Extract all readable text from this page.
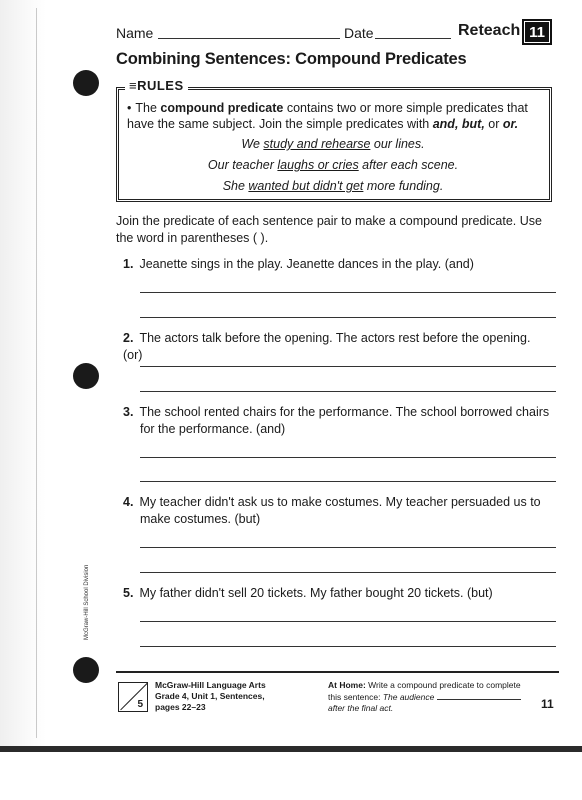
Name	Date	Reteach 11
Combining Sentences: Compound Predicates
≡ RULES
• The compound predicate contains two or more simple predicates that have the same subject. Join the simple predicates with and, but, or or.
We study and rehearse our lines.
Our teacher laughs or cries after each scene.
She wanted but didn't get more funding.
Join the predicate of each sentence pair to make a compound predicate. Use the word in parentheses ( ).
1. Jeanette sings in the play. Jeanette dances in the play. (and)
2. The actors talk before the opening. The actors rest before the opening. (or)
3. The school rented chairs for the performance. The school borrowed chairs for the performance. (and)
4. My teacher didn't ask us to make costumes. My teacher persuaded us to make costumes. (but)
5. My father didn't sell 20 tickets. My father bought 20 tickets. (but)
McGraw-Hill School Division
5
McGraw-Hill Language Arts
Grade 4, Unit 1, Sentences,
pages 22–23
At Home: Write a compound predicate to complete this sentence: The audience  after the final act.	11
